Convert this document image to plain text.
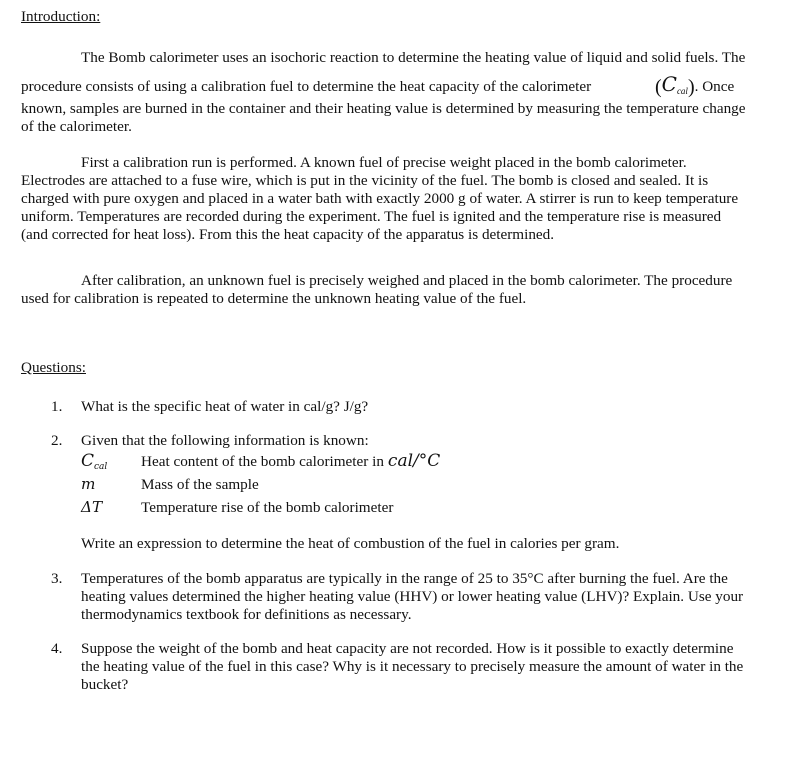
Introduction:

The Bomb calorimeter uses an isochoric reaction to determine the heating value of liquid and solid fuels. The procedure consists of using a calibration fuel to determine the heat capacity of the calorimeter	$(C_{cal})$. Once known, samples are burned in the container and their heating value is determined by measuring the temperature change of the calorimeter.

First a calibration run is performed. A known fuel of precise weight placed in the bomb calorimeter. Electrodes are attached to a fuse wire, which is put in the vicinity of the fuel. The bomb is closed and sealed. It is charged with pure oxygen and placed in a water bath with exactly 2000 g of water. A stirrer is run to keep temperature uniform. Temperatures are recorded during the experiment. The fuel is ignited and the temperature rise is measured (and corrected for heat loss). From this the heat capacity of the apparatus is determined.

After calibration, an unknown fuel is precisely weighed and placed in the bomb calorimeter. The procedure used for calibration is repeated to determine the unknown heating value of the fuel.

Questions:
1. What is the specific heat of water in cal/g? J/g?
2. Given that the following information is known:
$C_{cal}$	Heat content of the bomb calorimeter in cal/°C
m	Mass of the sample
ΔT	Temperature rise of the bomb calorimeter
Write an expression to determine the heat of combustion of the fuel in calories per gram.
3. Temperatures of the bomb apparatus are typically in the range of 25 to 35°C after burning the fuel. Are the heating values determined the higher heating value (HHV) or lower heating value (LHV)? Explain. Use your thermodynamics textbook for definitions as necessary.
4. Suppose the weight of the bomb and heat capacity are not recorded. How is it possible to exactly determine the heating value of the fuel in this case? Why is it necessary to precisely measure the amount of water in the bucket?
